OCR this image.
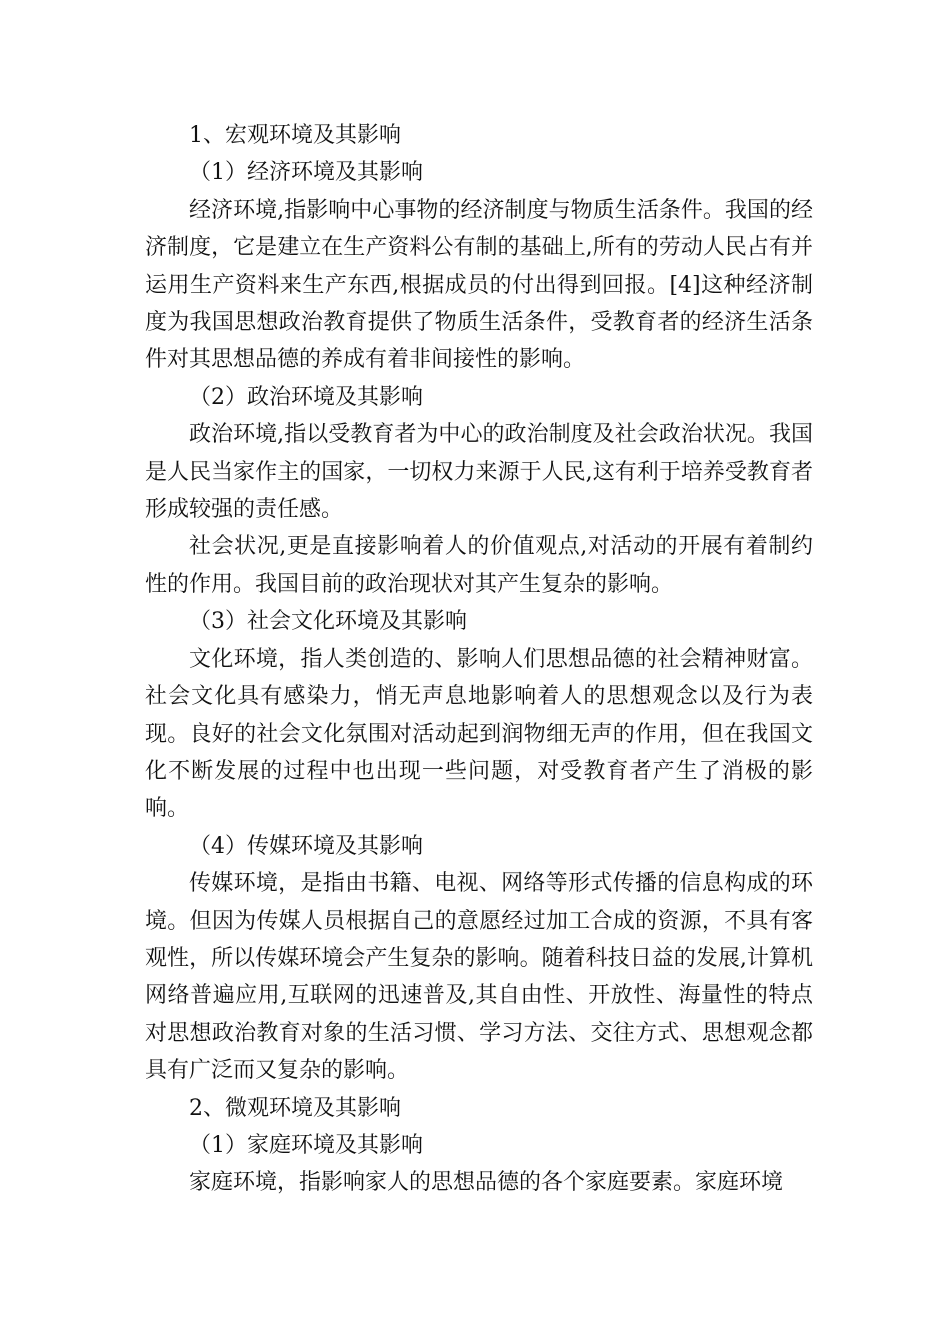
1、宏观环境及其影响

（1）经济环境及其影响

经济环境,指影响中心事物的经济制度与物质生活条件。我国的经济制度，它是建立在生产资料公有制的基础上,所有的劳动人民占有并运用生产资料来生产东西,根据成员的付出得到回报。[4]这种经济制度为我国思想政治教育提供了物质生活条件，受教育者的经济生活条件对其思想品德的养成有着非间接性的影响。

（2）政治环境及其影响

政治环境,指以受教育者为中心的政治制度及社会政治状况。我国是人民当家作主的国家，一切权力来源于人民,这有利于培养受教育者形成较强的责任感。

社会状况,更是直接影响着人的价值观点,对活动的开展有着制约性的作用。我国目前的政治现状对其产生复杂的影响。

（3）社会文化环境及其影响

文化环境，指人类创造的、影响人们思想品德的社会精神财富。社会文化具有感染力，悄无声息地影响着人的思想观念以及行为表现。良好的社会文化氛围对活动起到润物细无声的作用，但在我国文化不断发展的过程中也出现一些问题，对受教育者产生了消极的影响。

（4）传媒环境及其影响

传媒环境，是指由书籍、电视、网络等形式传播的信息构成的环境。但因为传媒人员根据自己的意愿经过加工合成的资源，不具有客观性，所以传媒环境会产生复杂的影响。随着科技日益的发展,计算机网络普遍应用,互联网的迅速普及,其自由性、开放性、海量性的特点对思想政治教育对象的生活习惯、学习方法、交往方式、思想观念都具有广泛而又复杂的影响。

2、微观环境及其影响

（1）家庭环境及其影响

家庭环境，指影响家人的思想品德的各个家庭要素。家庭环境
